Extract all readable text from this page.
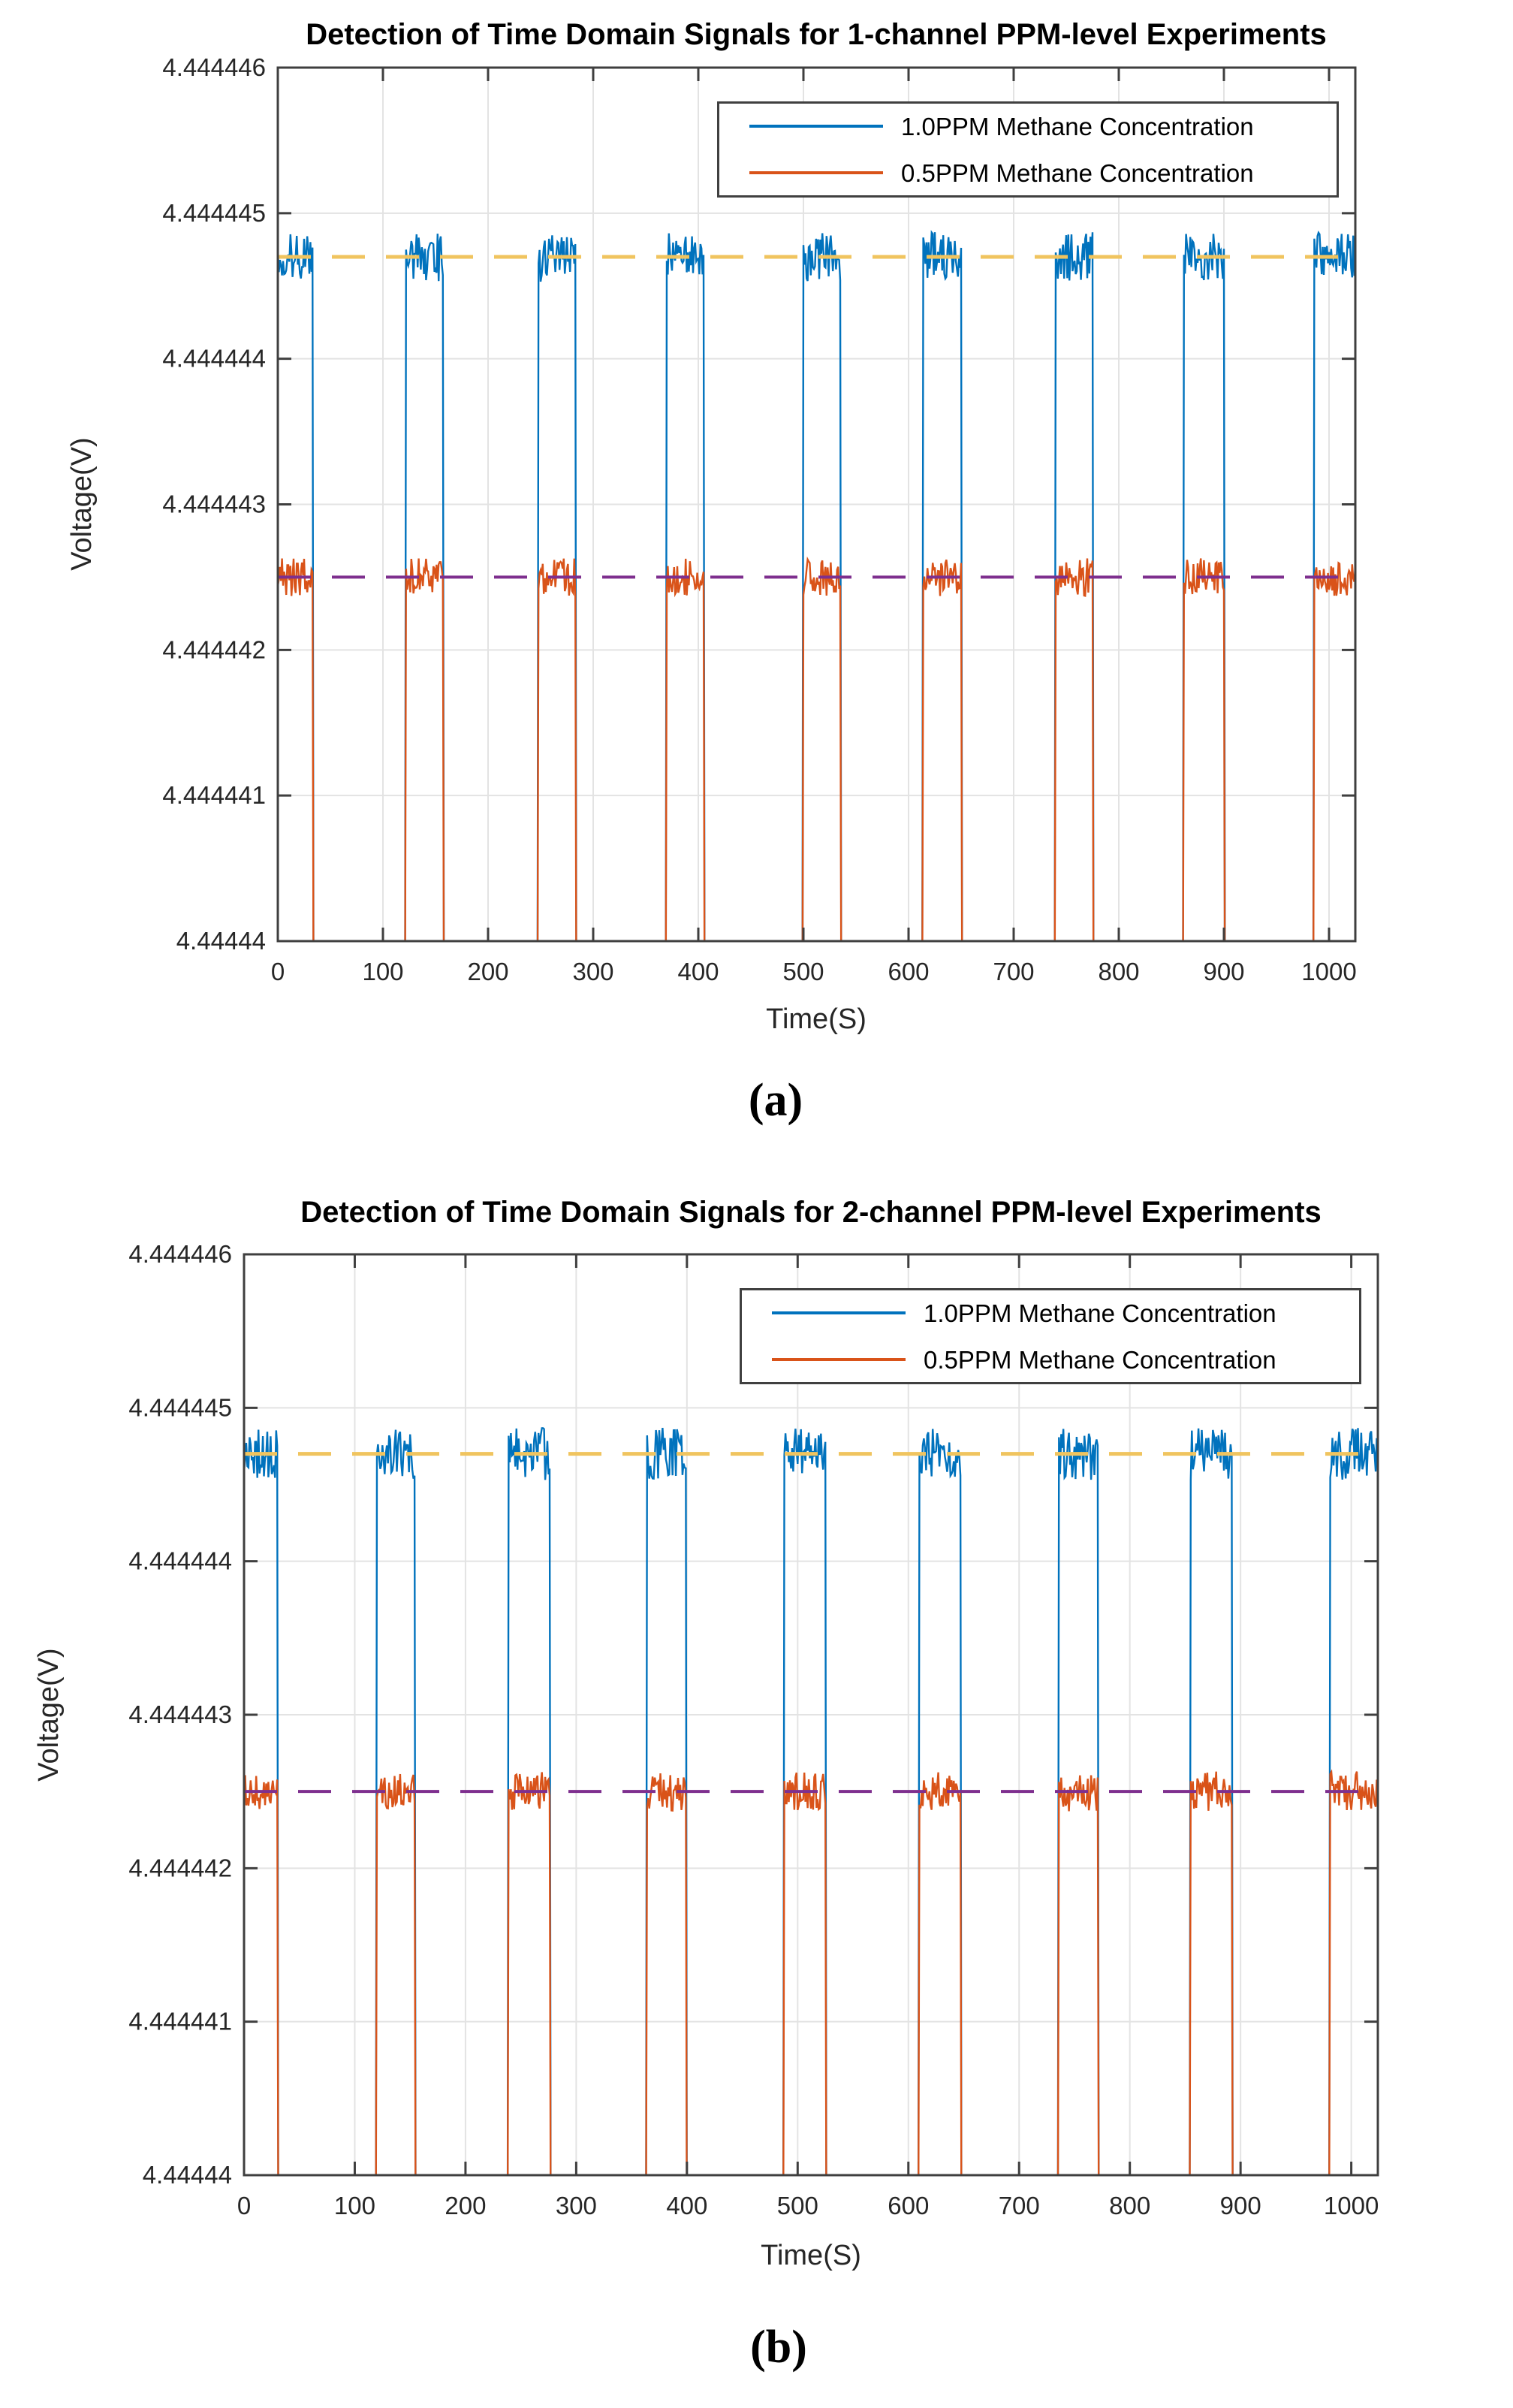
0	100	200	300	400	500	600	700	800	900 1000
4.44444
4.444441
4.444442
4.444443
4.444444
4.444445
4.444446
0	100	200	300	400	500	600	700	800	900	1000
4.44444
4.444441
4.444442
4.444443
4.444444
4.444445
4.444446
Detection of Time Domain Signals for 1-channel PPM-level Experiments
Voltage(V)
Time(S)
(a)
1.0PPM Methane Concentration
0.5PPM Methane Concentration
Detection of Time Domain Signals for 2-channel PPM-level Experiments
Voltage(V)
Time(S)
(b)
1.0PPM Methane Concentration
0.5PPM Methane Concentration
